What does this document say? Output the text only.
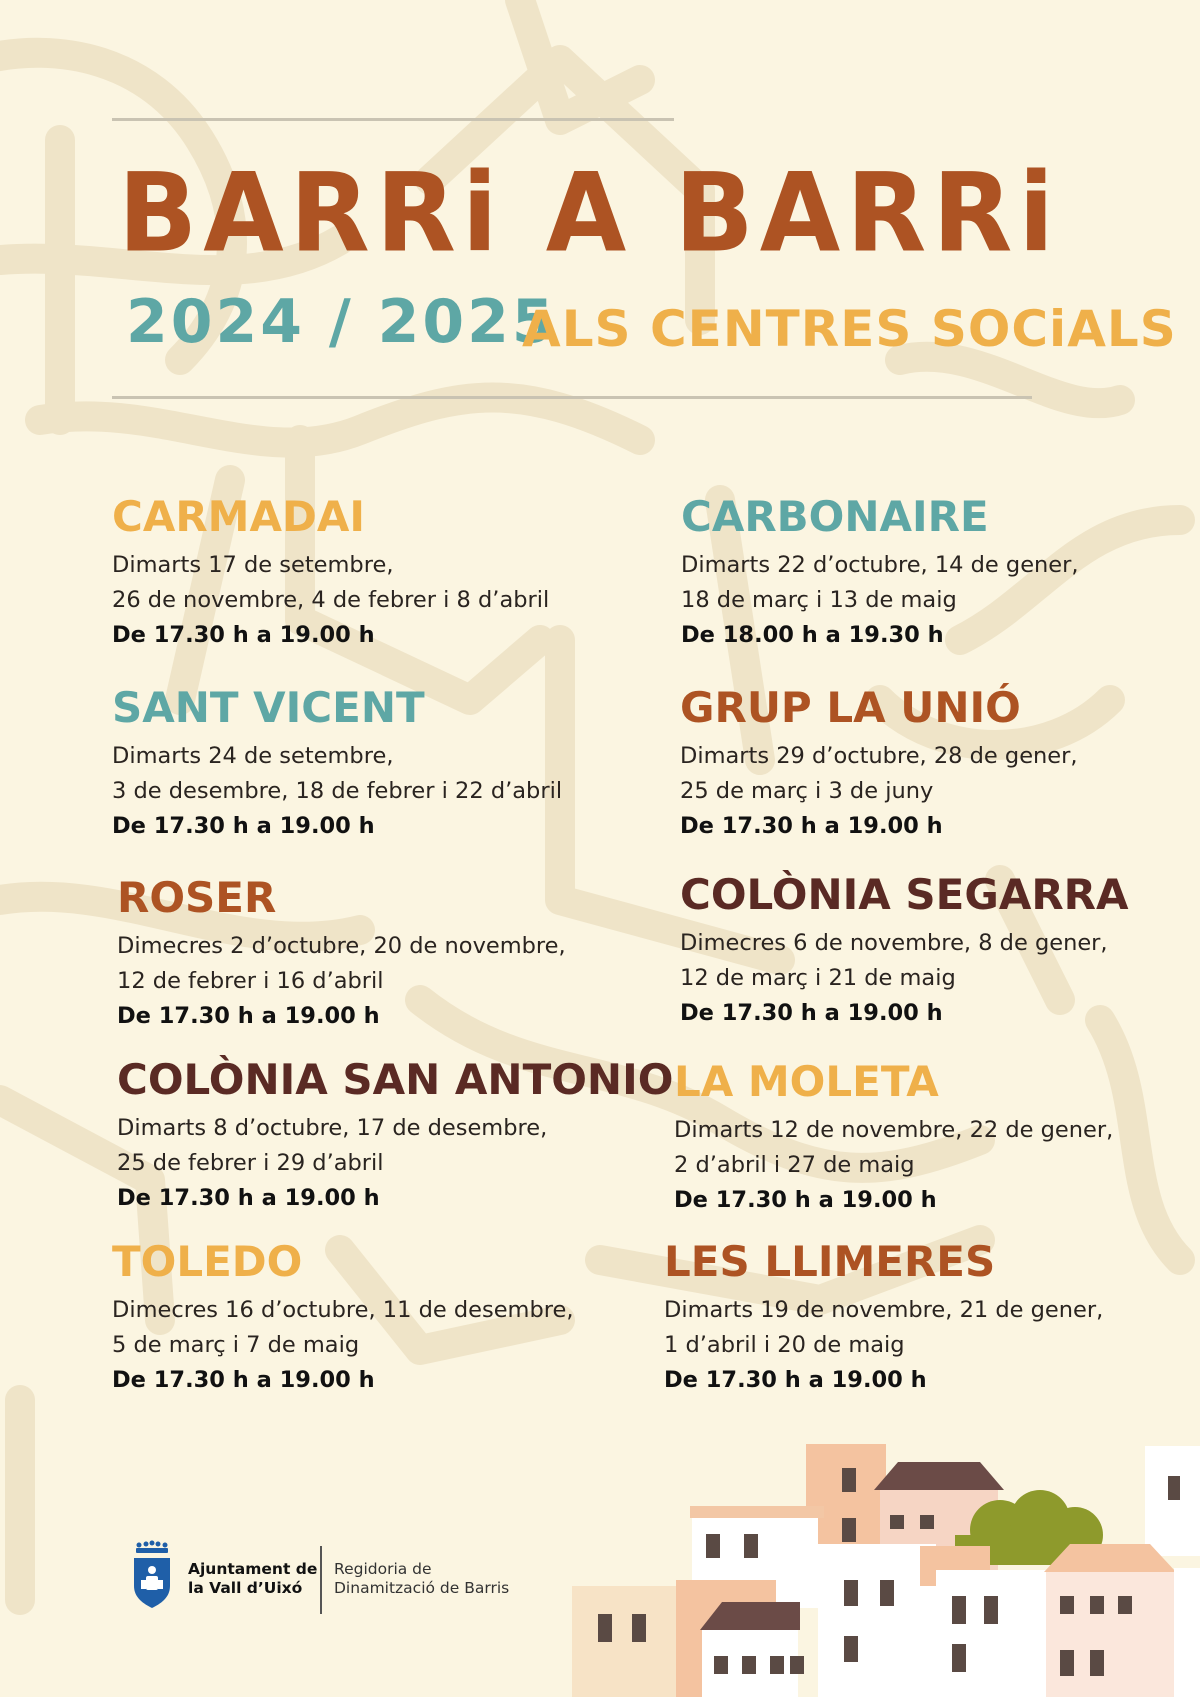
BARRi A BARRi
2024 / 2025
ALS CENTRES SOCiALS
CARMADAI
Dimarts 17 de setembre,
26 de novembre, 4 de febrer i 8 d’abril
De 17.30 h a 19.00 h
SANT VICENT
Dimarts 24 de setembre,
3 de desembre, 18 de febrer i 22 d’abril
De 17.30 h a 19.00 h
ROSER
Dimecres 2 d’octubre, 20 de novembre,
12 de febrer i 16 d’abril
De 17.30 h a 19.00 h
COLÒNIA SAN ANTONIO
Dimarts 8 d’octubre, 17 de desembre,
25 de febrer i 29 d’abril
De 17.30 h a 19.00 h
TOLEDO
Dimecres 16 d’octubre, 11 de desembre,
5 de març i 7 de maig
De 17.30 h a 19.00 h
CARBONAIRE
Dimarts 22 d’octubre, 14 de gener,
18 de març i 13 de maig
De 18.00 h a 19.30 h
GRUP LA UNIÓ
Dimarts 29 d’octubre, 28 de gener,
25 de març i 3 de juny
De 17.30 h a 19.00 h
COLÒNIA SEGARRA
Dimecres 6 de novembre, 8 de gener,
12 de març i 21 de maig
De 17.30 h a 19.00 h
LA MOLETA
Dimarts 12 de novembre, 22 de gener,
2 d’abril i 27 de maig
De 17.30 h a 19.00 h
LES LLIMERES
Dimarts 19 de novembre, 21 de gener,
1 d’abril i 20 de maig
De 17.30 h a 19.00 h
Ajuntament de
la Vall d’Uixó
Regidoria de
Dinamització de Barris
